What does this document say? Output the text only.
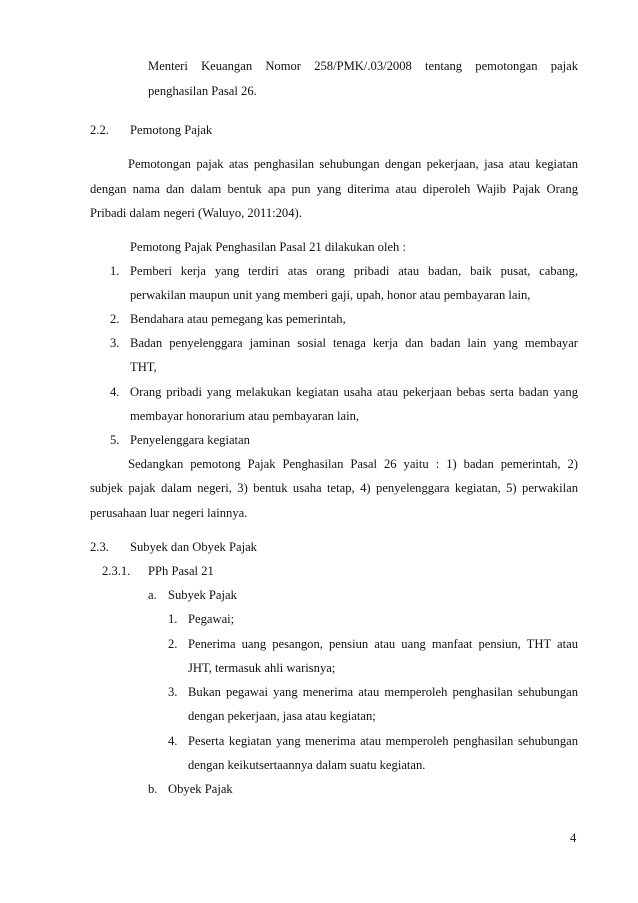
Menteri Keuangan Nomor 258/PMK/.03/2008 tentang pemotongan pajak
penghasilan Pasal 26.
2.2. Pemotong Pajak
Pemotongan pajak atas penghasilan sehubungan dengan pekerjaan, jasa atau kegiatan
dengan nama dan dalam bentuk apa pun yang diterima atau diperoleh Wajib Pajak Orang
Pribadi dalam negeri (Waluyo, 2011:204).
Pemotong Pajak Penghasilan Pasal 21 dilakukan oleh :
1. Pemberi kerja yang terdiri atas orang pribadi atau badan, baik pusat, cabang,
perwakilan maupun unit yang memberi gaji, upah, honor atau pembayaran lain,
2. Bendahara atau pemegang kas pemerintah,
3. Badan penyelenggara jaminan sosial tenaga kerja dan badan lain yang membayar
THT,
4. Orang pribadi yang melakukan kegiatan usaha atau pekerjaan bebas serta badan yang
membayar honorarium atau pembayaran lain,
5. Penyelenggara kegiatan
Sedangkan pemotong Pajak Penghasilan Pasal 26 yaitu : 1) badan pemerintah, 2)
subjek pajak dalam negeri, 3) bentuk usaha tetap, 4) penyelenggara kegiatan, 5) perwakilan
perusahaan luar negeri lainnya.
2.3. Subyek dan Obyek Pajak
2.3.1. PPh Pasal 21
a. Subyek Pajak
1. Pegawai;
2. Penerima uang pesangon, pensiun atau uang manfaat pensiun, THT atau
JHT, termasuk ahli warisnya;
3. Bukan pegawai yang menerima atau memperoleh penghasilan sehubungan
dengan pekerjaan, jasa atau kegiatan;
4. Peserta kegiatan yang menerima atau memperoleh penghasilan sehubungan
dengan keikutsertaannya dalam suatu kegiatan.
b. Obyek Pajak
4
